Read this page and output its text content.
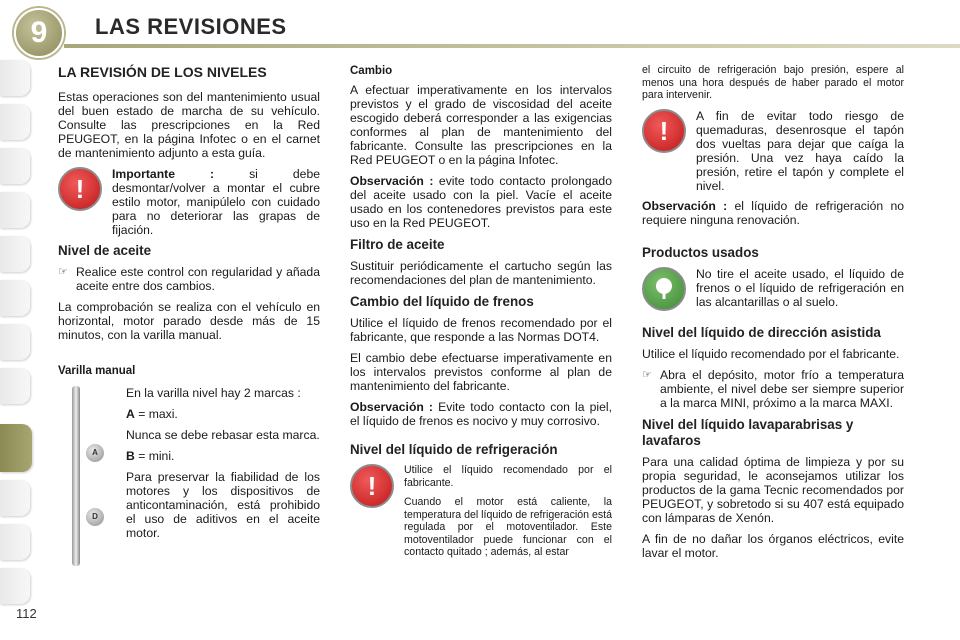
9	LAS REVISIONES
LA REVISIÓN DE LOS NIVELES

Estas operaciones son del mantenimiento usual del buen estado de marcha de su vehículo. Consulte las prescripciones en la Red PEUGEOT, en la página Infotec o en el carnet de mantenimiento adjunto a esta guía.

! Importante : si debe desmontar/volver a montar el cubre estilo motor, manipúlelo con cuidado para no deteriorar las grapas de fijación.
Nivel de aceite
☞ Realice este control con regularidad y añada aceite entre dos cambios.

La comprobación se realiza con el vehículo en horizontal, motor parado desde más de 15 minutos, con la varilla manual.

Varilla manual
A
D

En la varilla nivel hay 2 marcas :

A = maxi.

Nunca se debe rebasar esta marca.

B = mini.

Para preservar la fiabilidad de los motores y los dispositivos de anticontaminación, está prohibido el uso de aditivos en el aceite motor.

Cambio

A efectuar imperativamente en los intervalos previstos y el grado de viscosidad del aceite escogido deberá corresponder a las exigencias conformes al plan de mantenimiento del fabricante. Consulte las prescripciones en la Red PEUGEOT o en la página Infotec.

Observación : evite todo contacto prolongado del aceite usado con la piel. Vacíe el aceite usado en los contenedores previstos para este uso en la Red PEUGEOT.

Filtro de aceite

Sustituir periódicamente el cartucho según las recomendaciones del plan de mantenimiento.

Cambio del líquido de frenos

Utilice el líquido de frenos recomendado por el fabricante, que responde a las Normas DOT4.

El cambio debe efectuarse imperativamente en los intervalos previstos conforme al plan de mantenimiento del fabricante.

Observación : Evite todo contacto con la piel, el líquido de frenos es nocivo y muy corrosivo.

Nivel del líquido de refrigeración
!

Utilice el líquido recomendado por el fabricante.

Cuando el motor está caliente, la temperatura del líquido de refrigeración está regulada por el motoventilador. Este motoventilador puede funcionar con el contacto quitado ; además, al estar

el circuito de refrigeración bajo presión, espere al menos una hora después de haber parado el motor para intervenir.

! A fin de evitar todo riesgo de quemaduras, desenrosque el tapón dos vueltas para dejar que caíga la presión. Una vez haya caído la presión, retire el tapón y complete el nivel.

Observación : el líquido de refrigeración no requiere ninguna renovación.

Productos usados
No tire el aceite usado, el líquido de frenos o el líquido de refrigeración en las alcantarillas o al suelo.
Nivel del líquido de dirección asistida

Utilice el líquido recomendado por el fabricante.

☞ Abra el depósito, motor frío a temperatura ambiente, el nivel debe ser siempre superior a la marca MINI, próximo a la marca MAXI.
Nivel del líquido lavaparabrisas y lavafaros

Para una calidad óptima de limpieza y por su propia seguridad, le aconsejamos utilizar los productos de la gama Tecnic recomendados por PEUGEOT, y sobretodo si su 407 está equipado con lámparas de Xenón.

A fin de no dañar los órganos eléctricos, evite lavar el motor.

112
